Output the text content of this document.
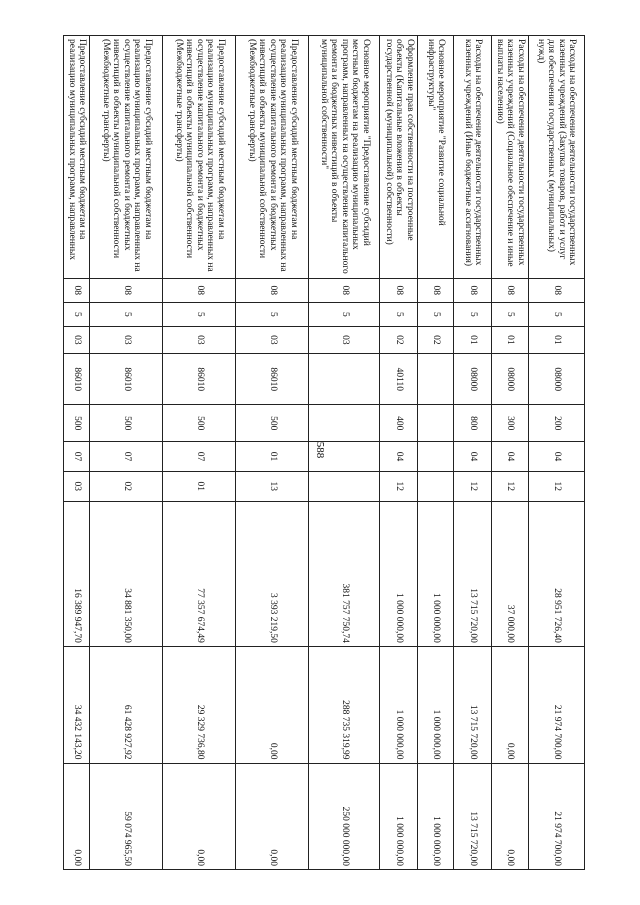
588
Расходы на обеспечение деятельности государственных казенных учреждений (Закупка товаров, работ и услуг для обеспечения государственных (муниципальных) нужд)	08	5	01	08000	200	04	12	28 951 726,40	21 974 700,00	21 974 700,00
Расходы на обеспечение деятельности государственных казенных учреждений (Социальное обеспечение и иные выплаты населению)	08	5	01	08000	300	04	12	37 000,00	0,00	0,00
Расходы на обеспечение деятельности государственных казенных учреждений (Иные бюджетные ассигнования)	08	5	01	08000	800	04	12	13 715 720,00	13 715 720,00	13 715 720,00
Основное мероприятие "Развитие социальной инфраструктуры"	08	5	02					1 000 000,00	1 000 000,00	1 000 000,00
Оформление прав собственности на построенные объекты (Капитальные вложения в объекты государственной (муниципальной) собственности)	08	5	02	40110	400	04	12	1 000 000,00	1 000 000,00	1 000 000,00
Основное мероприятие "Предоставление субсидий местным бюджетам на реализацию муниципальных программ, направленных на осуществление капитального ремонта и бюджетных инвестиций в объекты муниципальной собственности"	08	5	03					381 757 750,74	288 735 319,99	250 000 000,00
Предоставление субсидий местным бюджетам на реализацию муниципальных программ, направленных на осуществление капитального ремонта и бюджетных инвестиций в объекты муниципальной собственности (Межбюджетные трансферты)	08	5	03	86010	500	01	13	3 393 219,50	0,00	0,00
Предоставление субсидий местным бюджетам на реализацию муниципальных программ, направленных на осуществление капитального ремонта и бюджетных инвестиций в объекты муниципальной собственности (Межбюджетные трансферты)	08	5	03	86010	500	07	01	77 357 674,49	29 329 736,80	0,00
Предоставление субсидий местным бюджетам на реализацию муниципальных программ, направленных на осуществление капитального ремонта и бюджетных инвестиций в объекты муниципальной собственности (Межбюджетные трансферты)	08	5	03	86010	500	07	02	34 881 350,00	61 428 927,92	59 074 965,50
Предоставление субсидий местным бюджетам на реализацию муниципальных программ, направленных	08	5	03	86010	500	07	03	16 389 947,70	34 432 143,20	0,00
